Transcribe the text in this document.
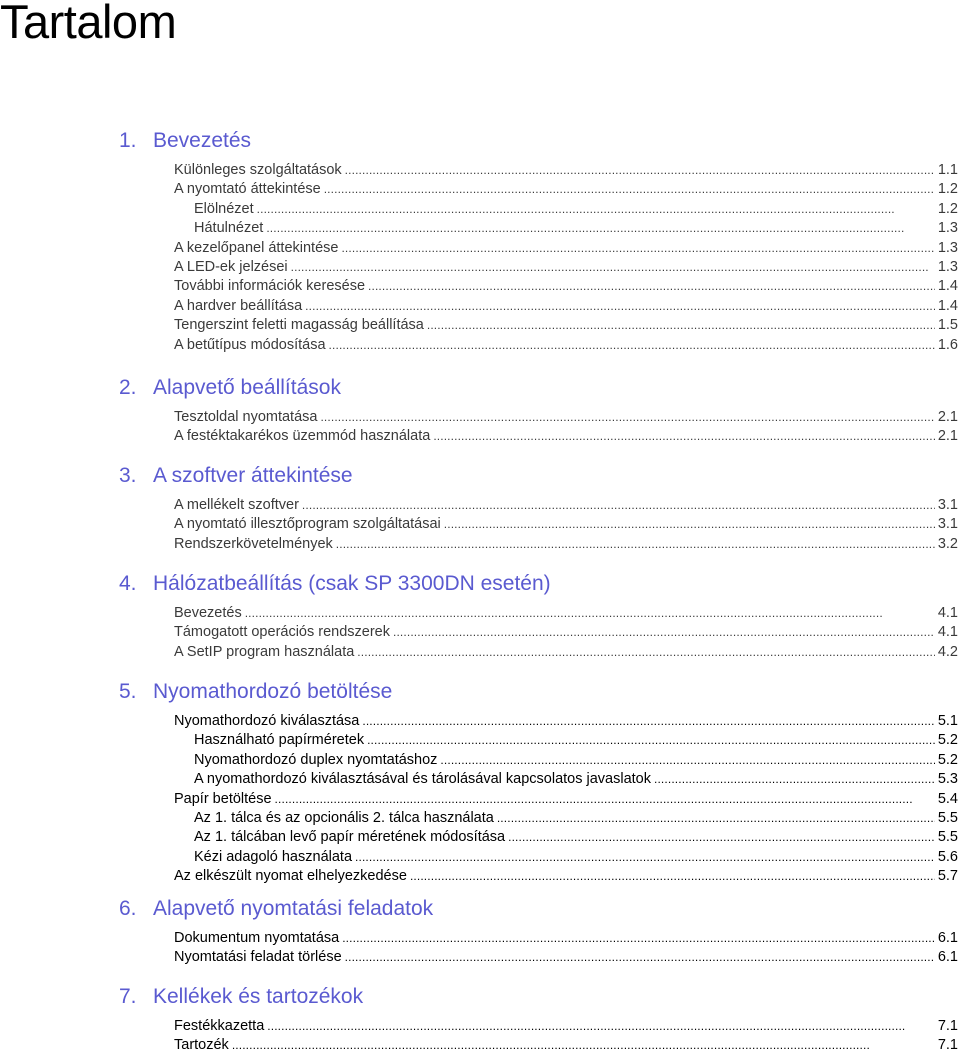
Tartalom
1. Bevezetés
Különleges szolgáltatások . . .	1.1
A nyomtató áttekintése . . .	1.2
Elölnézet . . .	1.2
Hátulnézet . . .	1.3
A kezelőpanel áttekintése . . .	1.3
A LED-ek jelzései . . .	1.3
További információk keresése . . .	1.4
A hardver beállítása . . .	1.4
Tengerszint feletti magasság beállítása . . .	1.5
A betűtípus módosítása . . .	1.6
2. Alapvető beállítások
Tesztoldal nyomtatása . . .	2.1
A festéktakarékos üzemmód használata . . .	2.1
3. A szoftver áttekintése
A mellékelt szoftver . . .	3.1
A nyomtató illesztőprogram szolgáltatásai . . .	3.1
Rendszerkövetelmények . . .	3.2
4. Hálózatbeállítás (csak SP 3300DN esetén)
Bevezetés . . .	4.1
Támogatott operációs rendszerek . . .	4.1
A SetIP program használata . . .	4.2
5. Nyomathordozó betöltése
Nyomathordozó kiválasztása . . .	5.1
Használható papírméretek . . .	5.2
Nyomathordozó duplex nyomtatáshoz . . .	5.2
A nyomathordozó kiválasztásával és tárolásával kapcsolatos javaslatok . . .	5.3
Papír betöltése . . .	5.4
Az 1. tálca és az opcionális 2. tálca használata . . .	5.5
Az 1. tálcában levő papír méretének módosítása . . .	5.5
Kézi adagoló használata . . .	5.6
Az elkészült nyomat elhelyezkedése . . .	5.7
6. Alapvető nyomtatási feladatok
Dokumentum nyomtatása . . .	6.1
Nyomtatási feladat törlése . . .	6.1
7. Kellékek és tartozékok
Festékkazetta . . .	7.1
Tartozék . . .	7.1
